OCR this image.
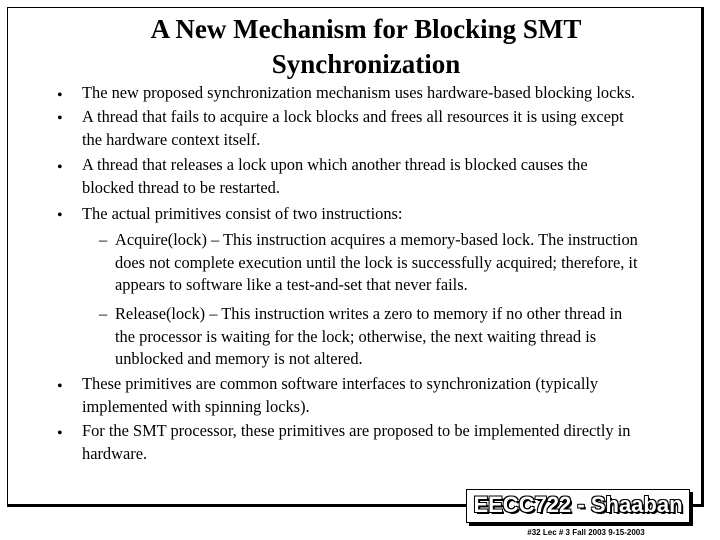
A New Mechanism for Blocking SMT
Synchronization
• The new proposed synchronization mechanism uses hardware-based blocking locks.
• A thread that fails to acquire a lock blocks and frees all resources it is using except
the hardware context itself.
• A thread that releases a lock upon which another thread is blocked causes the
blocked thread to be restarted.
• The actual primitives consist of two instructions:
– Acquire(lock) – This instruction acquires a memory-based lock. The instruction
does not complete execution until the lock is successfully acquired; therefore, it
appears to software like a test-and-set that never fails.
– Release(lock) – This instruction writes a zero to memory if no other thread in
the processor is waiting for the lock; otherwise, the next waiting thread is
unblocked and memory is not altered.
• These primitives are common software interfaces to synchronization (typically
implemented with spinning locks).
• For the SMT processor, these primitives are proposed to be implemented directly in
hardware.
EECC722 - Shaaban
#32 Lec # 3 Fall 2003 9-15-2003
